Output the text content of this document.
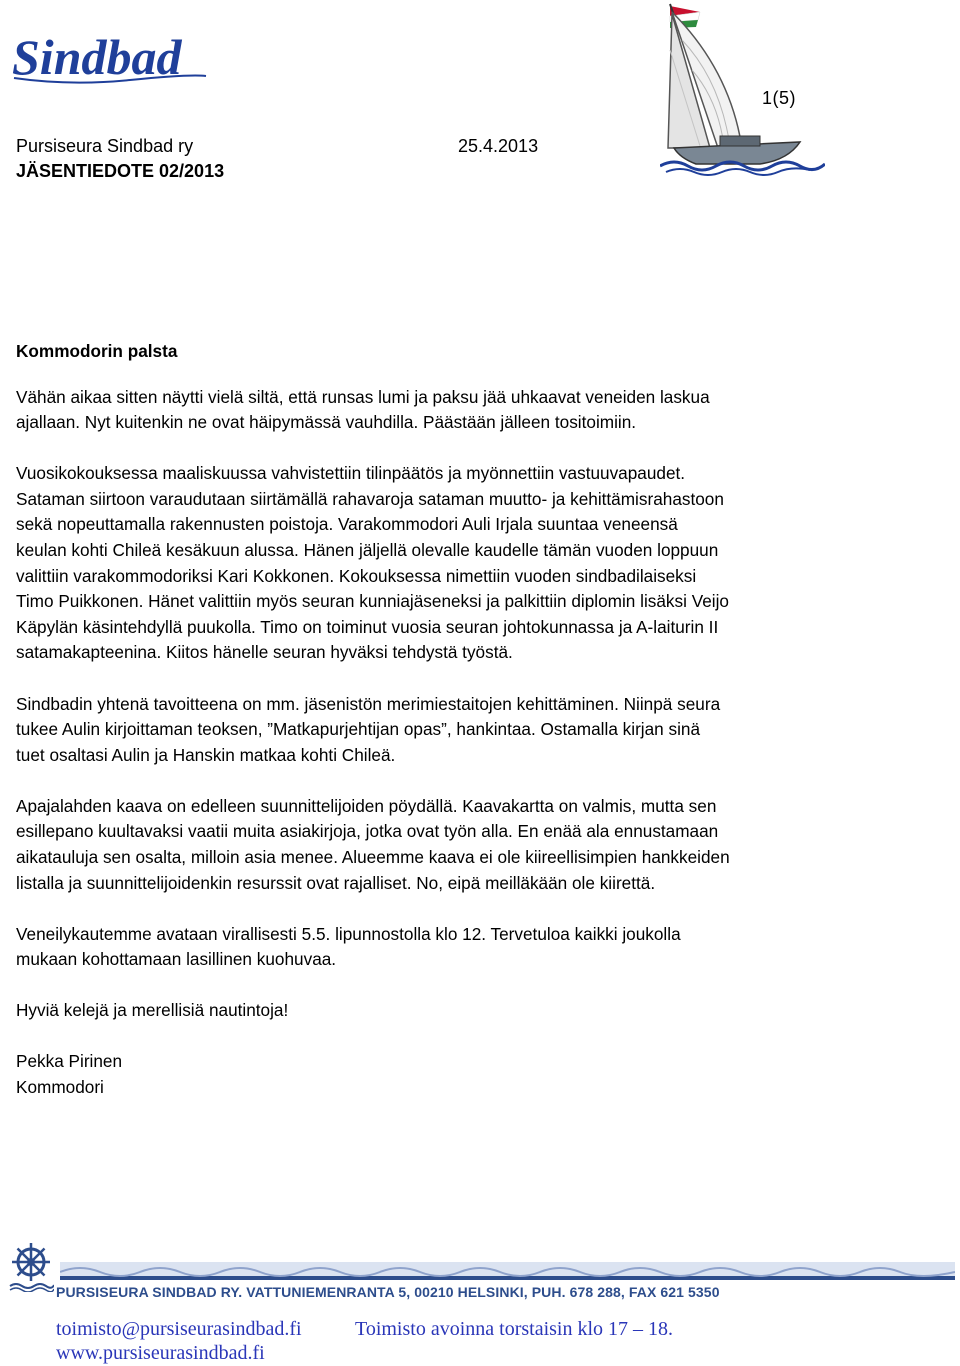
Sindbad
1(5)
Pursiseura Sindbad ry	25.4.2013
JÄSENTIEDOTE 02/2013
Kommodorin palsta

Vähän aikaa sitten näytti vielä siltä, että runsas lumi ja paksu jää uhkaavat veneiden laskua
ajallaan. Nyt kuitenkin ne ovat häipymässä vauhdilla. Päästään jälleen tositoimiin.

Vuosikokouksessa maaliskuussa vahvistettiin tilinpäätös ja myönnettiin vastuuvapaudet.
Sataman siirtoon varaudutaan siirtämällä rahavaroja sataman muutto- ja kehittämisrahastoon
sekä nopeuttamalla rakennusten poistoja. Varakommodori Auli Irjala suuntaa veneensä
keulan kohti Chileä kesäkuun alussa. Hänen jäljellä olevalle kaudelle tämän vuoden loppuun
valittiin varakommodoriksi Kari Kokkonen. Kokouksessa nimettiin vuoden sindbadilaiseksi
Timo Puikkonen. Hänet valittiin myös seuran kunniajäseneksi ja palkittiin diplomin lisäksi Veijo
Käpylän käsintehdyllä puukolla. Timo on toiminut vuosia seuran johtokunnassa ja A-laiturin II
satamakapteenina. Kiitos hänelle seuran hyväksi tehdystä työstä.

Sindbadin yhtenä tavoitteena on mm. jäsenistön merimiestaitojen kehittäminen. Niinpä seura
tukee Aulin kirjoittaman teoksen, ”Matkapurjehtijan opas”, hankintaa. Ostamalla kirjan sinä
tuet osaltasi Aulin ja Hanskin matkaa kohti Chileä.

Apajalahden kaava on edelleen suunnittelijoiden pöydällä. Kaavakartta on valmis, mutta sen
esillepano kuultavaksi vaatii muita asiakirjoja, jotka ovat työn alla. En enää ala ennustamaan
aikatauluja sen osalta, milloin asia menee. Alueemme kaava ei ole kiireellisimpien hankkeiden
listalla ja suunnittelijoidenkin resurssit ovat rajalliset. No, eipä meilläkään ole kiirettä.

Veneilykautemme avataan virallisesti 5.5. lipunnostolla klo 12. Tervetuloa kaikki joukolla
mukaan kohottamaan lasillinen kuohuvaa.

Hyviä kelejä ja merellisiä nautintoja!

Pekka Pirinen
Kommodori

PURSISEURA SINDBAD RY. VATTUNIEMENRANTA 5, 00210 HELSINKI, PUH. 678 288, FAX 621 5350
toimisto@pursiseurasindbad.fi	Toimisto avoinna torstaisin klo 17 – 18.
www.pursiseurasindbad.fi
